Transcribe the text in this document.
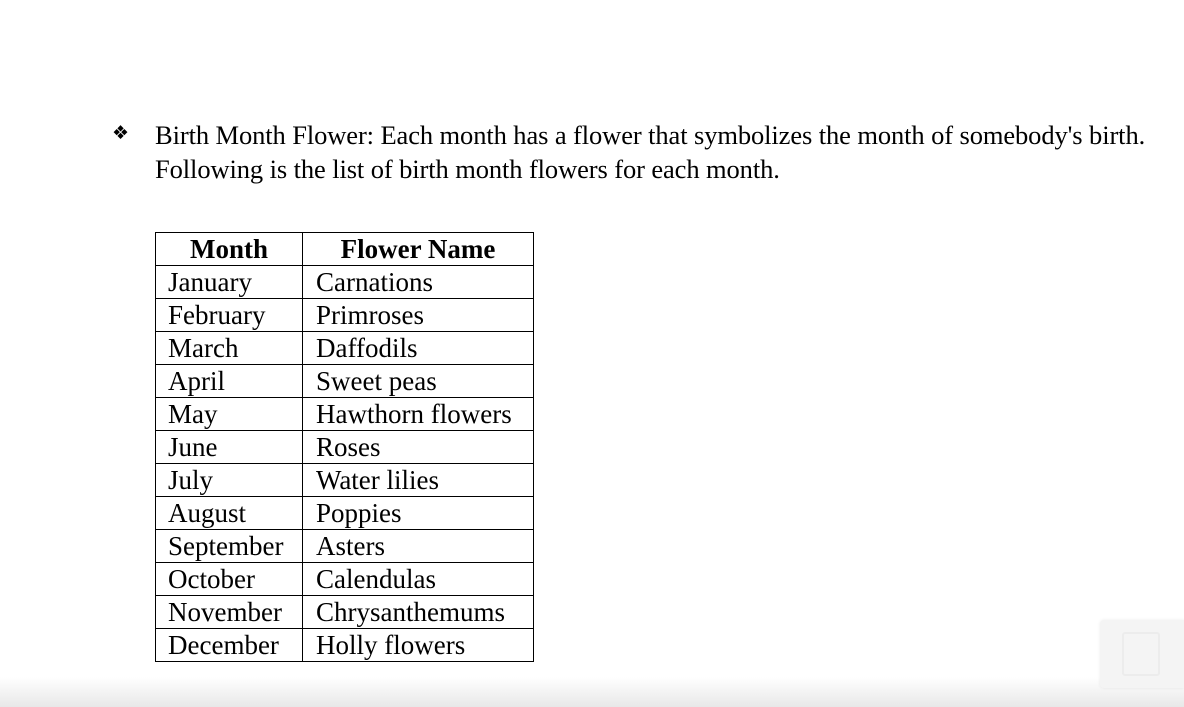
❖ Birth Month Flower: Each month has a flower that symbolizes the month of somebody's birth. Following is the list of birth month flowers for each month.
Month	Flower Name
January	Carnations
February	Primroses
March	Daffodils
April	Sweet peas
May	Hawthorn flowers
June	Roses
July	Water lilies
August	Poppies
September	Asters
October	Calendulas
November	Chrysanthemums
December	Holly flowers
